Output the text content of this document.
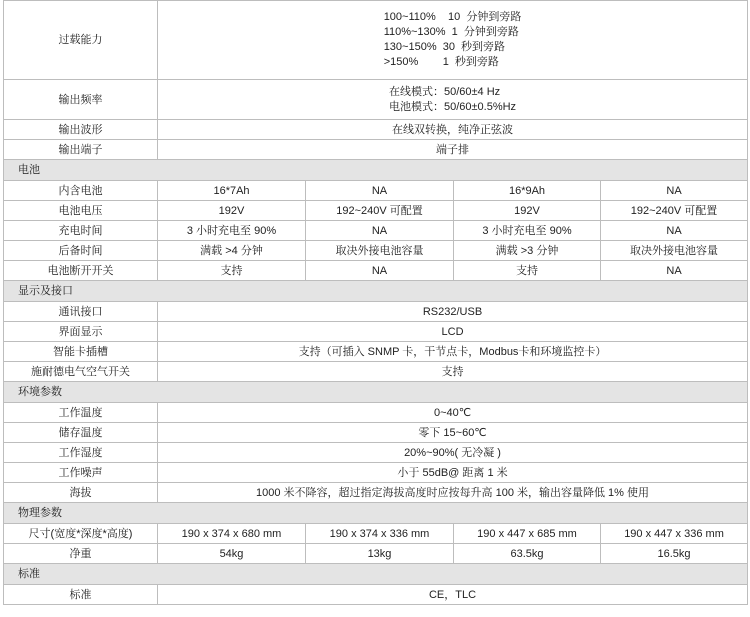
过载能力	100~110%    10  分钟到旁路
110%~130%  1  分钟到旁路
130~150%  30  秒到旁路
>150%        1  秒到旁路			

输出频率	在线模式：50/60±4 Hz
电池模式：50/60±0.5%Hz			

输出波形	在线双转换，纯净正弦波			
输出端子	端子排			
电池				
内含电池	16*7Ah	NA	16*9Ah	NA
电池电压	192V	192~240V 可配置	192V	192~240V 可配置
充电时间	3 小时充电至 90%	NA	3 小时充电至 90%	NA
后备时间	满载 >4 分钟	取决外接电池容量	满载 >3 分钟	取决外接电池容量
电池断开开关	支持	NA	支持	NA
显示及接口				
通讯接口	RS232/USB			
界面显示	LCD			
智能卡插槽	支持（可插入 SNMP 卡，干节点卡，Modbus卡和环境监控卡）			
施耐德电气空气开关	支持			
环境参数				
工作温度	0~40℃			
储存温度	零下 15~60℃			
工作湿度	20%~90%( 无冷凝 )			
工作噪声	小于 55dB@ 距离 1 米			
海拔	1000 米不降容，超过指定海拔高度时应按每升高 100 米，输出容量降低 1% 使用			
物理参数				
尺寸(宽度*深度*高度)	190 x 374 x 680 mm	190 x 374 x 336 mm	190 x 447 x 685 mm	190 x 447 x 336 mm
净重	54kg	13kg	63.5kg	16.5kg
标准				
标准	CE，TLC			
